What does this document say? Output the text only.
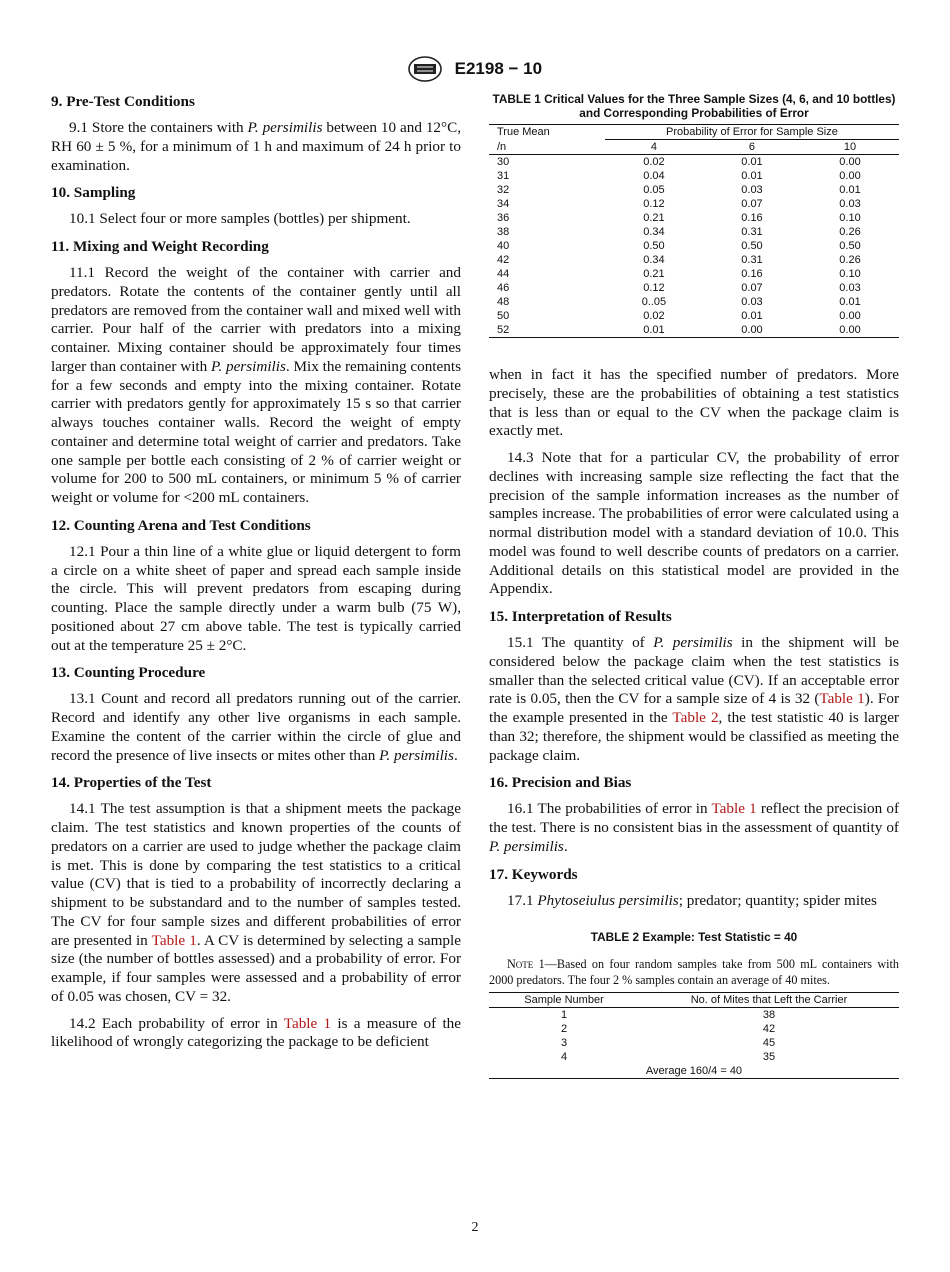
E2198 − 10
9. Pre-Test Conditions

9.1 Store the containers with P. persimilis between 10 and 12°C, RH 60 ± 5 %, for a minimum of 1 h and maximum of 24 h prior to examination.

10. Sampling

10.1 Select four or more samples (bottles) per shipment.

11. Mixing and Weight Recording

11.1 Record the weight of the container with carrier and predators. Rotate the contents of the container gently until all predators are removed from the container wall and mixed well with carrier. Pour half of the carrier with predators into a mixing container. Mixing container should be approximately four times larger than container with P. persimilis. Mix the remaining contents for a few seconds and empty into the mixing container. Rotate carrier with predators gently for approximately 15 s so that carrier always touches container walls. Record the weight of empty container and determine total weight of carrier and predators. Take one sample per bottle each consisting of 2 % of carrier weight or volume for 200 to 500 mL containers, or minimum 5 % of carrier weight or volume for <200 mL containers.

12. Counting Arena and Test Conditions

12.1 Pour a thin line of a white glue or liquid detergent to form a circle on a white sheet of paper and spread each sample inside the circle. This will prevent predators from escaping during counting. Place the sample directly under a warm bulb (75 W), positioned about 27 cm above table. The test is typically carried out at the temperature 25 ± 2°C.

13. Counting Procedure

13.1 Count and record all predators running out of the carrier. Record and identify any other live organisms in each sample. Examine the content of the carrier within the circle of glue and record the presence of live insects or mites other than P. persimilis.

14. Properties of the Test

14.1 The test assumption is that a shipment meets the package claim. The test statistics and known properties of the counts of predators on a carrier are used to judge whether the package claim is met. This is done by comparing the test statistics to a critical value (CV) that is tied to a probability of incorrectly declaring a shipment to be substandard and to the number of samples tested. The CV for four sample sizes and different probabilities of error are presented in Table 1. A CV is determined by selecting a sample size (the number of bottles assessed) and a probability of error. For example, if four samples were assessed and a probability of error of 0.05 was chosen, CV = 32.

14.2 Each probability of error in Table 1 is a measure of the likelihood of wrongly categorizing the package to be deficient

TABLE 1 Critical Values for the Three Sample Sizes (4, 6, and 10 bottles) and Corresponding Probabilities of Error
True Mean	Probability of Error for Sample Size		
/n	4	6	10
30	0.02	0.01	0.00
31	0.04	0.01	0.00
32	0.05	0.03	0.01
34	0.12	0.07	0.03
36	0.21	0.16	0.10
38	0.34	0.31	0.26
40	0.50	0.50	0.50
42	0.34	0.31	0.26
44	0.21	0.16	0.10
46	0.12	0.07	0.03
48	0..05	0.03	0.01
50	0.02	0.01	0.00
52	0.01	0.00	0.00

when in fact it has the specified number of predators. More precisely, these are the probabilities of obtaining a test statistics that is less than or equal to the CV when the package claim is exactly met.

14.3 Note that for a particular CV, the probability of error declines with increasing sample size reflecting the fact that the precision of the sample information increases as the number of samples increase. The probabilities of error were calculated using a normal distribution model with a standard deviation of 10.0. This model was found to well describe counts of predators on a carrier. Additional details on this statistical model are provided in the Appendix.

15. Interpretation of Results

15.1 The quantity of P. persimilis in the shipment will be considered below the package claim when the test statistics is smaller than the selected critical value (CV). If an acceptable error rate is 0.05, then the CV for a sample size of 4 is 32 (Table 1). For the example presented in the Table 2, the test statistic 40 is larger than 32; therefore, the shipment would be classified as meeting the package claim.

16. Precision and Bias

16.1 The probabilities of error in Table 1 reflect the precision of the test. There is no consistent bias in the assessment of quantity of P. persimilis.

17. Keywords

17.1 Phytoseiulus persimilis; predator; quantity; spider mites

TABLE 2 Example: Test Statistic = 40
Note 1—Based on four random samples take from 500 mL containers with 2000 predators. The four 2 % samples contain an average of 40 mites.
Sample Number	No. of Mites that Left the Carrier
1	38
2	42
3	45
4	35
Average 160/4 = 40	
2
